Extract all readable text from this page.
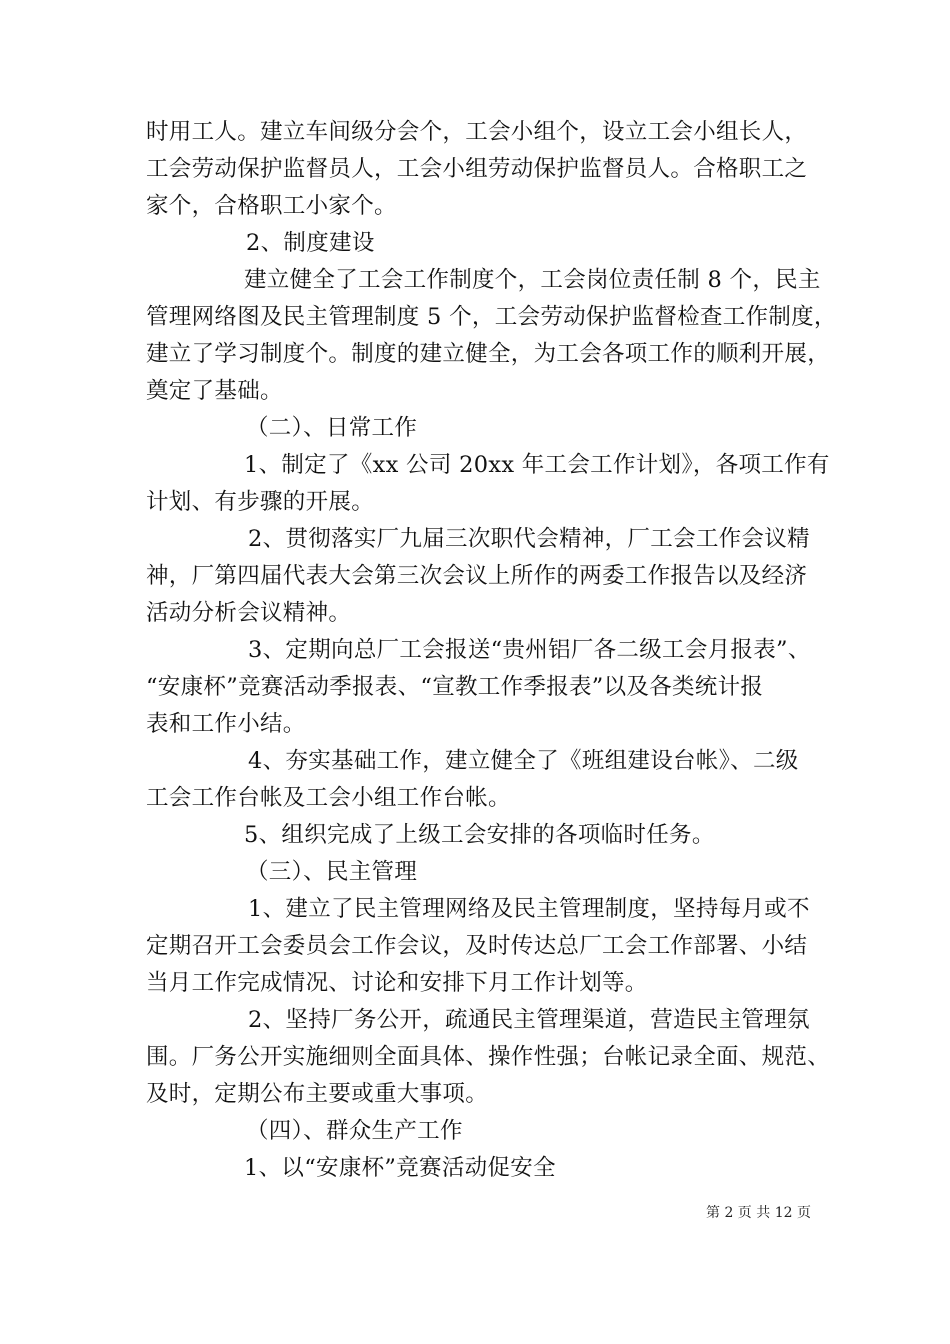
时用工人。建立车间级分会个，工会小组个，设立工会小组长人，
工会劳动保护监督员人，工会小组劳动保护监督员人。合格职工之
家个，合格职工小家个。
2、制度建设
建立健全了工会工作制度个，工会岗位责任制 8 个，民主
管理网络图及民主管理制度 5 个，工会劳动保护监督检查工作制度，
建立了学习制度个。制度的建立健全，为工会各项工作的顺利开展，
奠定了基础。
（二）、日常工作
1、制定了《xx 公司 20xx 年工会工作计划》，各项工作有
计划、有步骤的开展。
2、贯彻落实厂九届三次职代会精神，厂工会工作会议精
神，厂第四届代表大会第三次会议上所作的两委工作报告以及经济
活动分析会议精神。
3、定期向总厂工会报送“贵州铝厂各二级工会月报表”、
“安康杯”竞赛活动季报表、“宣教工作季报表”以及各类统计报
表和工作小结。
4、夯实基础工作，建立健全了《班组建设台帐》、二级
工会工作台帐及工会小组工作台帐。
5、组织完成了上级工会安排的各项临时任务。
（三）、民主管理
1、建立了民主管理网络及民主管理制度，坚持每月或不
定期召开工会委员会工作会议，及时传达总厂工会工作部署、小结
当月工作完成情况、讨论和安排下月工作计划等。
2、坚持厂务公开，疏通民主管理渠道，营造民主管理氛
围。厂务公开实施细则全面具体、操作性强；台帐记录全面、规范、
及时，定期公布主要或重大事项。
（四）、群众生产工作
1、以“安康杯”竞赛活动促安全
第 2 页 共 12 页
